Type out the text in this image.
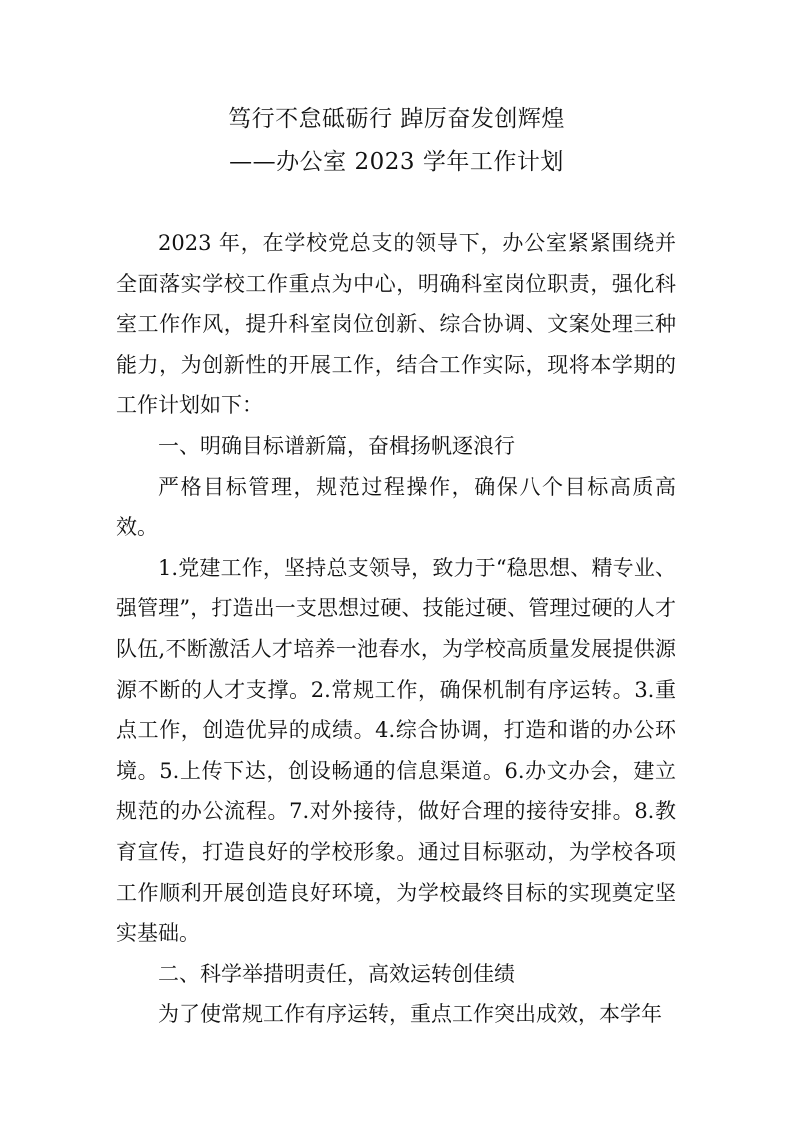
笃行不怠砥砺行 踔厉奋发创辉煌
——办公室 2023 学年工作计划

2023 年，在学校党总支的领导下，办公室紧紧围绕并全面落实学校工作重点为中心，明确科室岗位职责，强化科室工作作风，提升科室岗位创新、综合协调、文案处理三种能力，为创新性的开展工作，结合工作实际，现将本学期的工作计划如下：

一、明确目标谱新篇，奋楫扬帆逐浪行

严格目标管理，规范过程操作，确保八个目标高质高效。

1.党建工作，坚持总支领导，致力于“稳思想、精专业、强管理”，打造出一支思想过硬、技能过硬、管理过硬的人才队伍,不断激活人才培养一池春水，为学校高质量发展提供源源不断的人才支撑。2.常规工作，确保机制有序运转。3.重点工作，创造优异的成绩。4.综合协调，打造和谐的办公环境。5.上传下达，创设畅通的信息渠道。6.办文办会，建立规范的办公流程。7.对外接待，做好合理的接待安排。8.教育宣传，打造良好的学校形象。通过目标驱动，为学校各项工作顺利开展创造良好环境，为学校最终目标的实现奠定坚实基础。

二、科学举措明责任，高效运转创佳绩

为了使常规工作有序运转，重点工作突出成效，本学年
